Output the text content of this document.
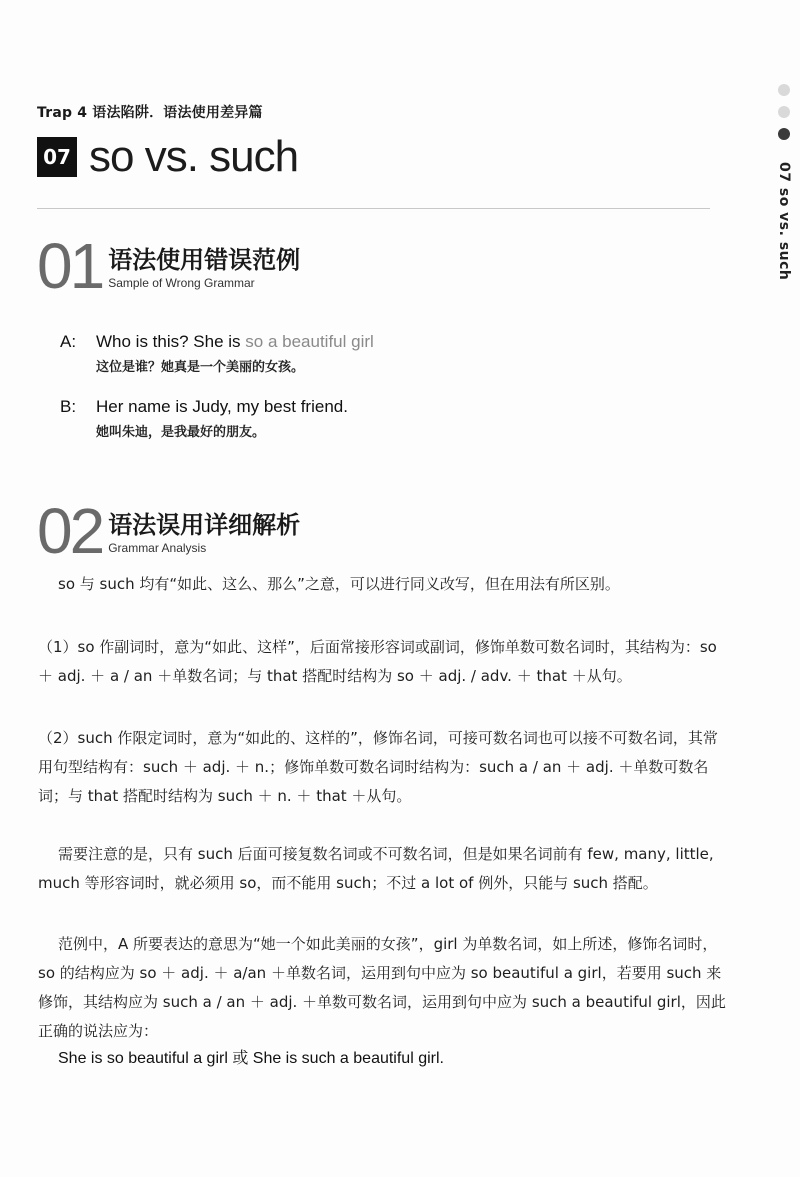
Trap 4 语法陷阱．语法使用差异篇
07 so vs. such
07 so vs. such
01 语法使用错误范例
Sample of Wrong Grammar
A:	Who is this? She is so a beautiful girl
这位是谁？她真是一个美丽的女孩。
B:	Her name is Judy, my best friend.
她叫朱迪，是我最好的朋友。
02 语法误用详细解析
Grammar Analysis
so 与 such 均有“如此、这么、那么”之意，可以进行同义改写，但在用法有所区别。
（1）so 作副词时，意为“如此、这样”，后面常接形容词或副词，修饰单数可数名词时，其结构为：so ＋ adj. ＋ a / an ＋单数名词；与 that 搭配时结构为 so ＋ adj. / adv. ＋ that ＋从句。
（2）such 作限定词时，意为“如此的、这样的”，修饰名词，可接可数名词也可以接不可数名词，其常用句型结构有：such ＋ adj. ＋ n.；修饰单数可数名词时结构为：such a / an ＋ adj. ＋单数可数名词；与 that 搭配时结构为 such ＋ n. ＋ that ＋从句。
需要注意的是，只有 such 后面可接复数名词或不可数名词，但是如果名词前有 few, many, little, much 等形容词时，就必须用 so，而不能用 such；不过 a lot of 例外，只能与 such 搭配。
范例中，A 所要表达的意思为“她一个如此美丽的女孩”，girl 为单数名词，如上所述，修饰名词时，so 的结构应为 so ＋ adj. ＋ a/an ＋单数名词，运用到句中应为 so beautiful a girl，若要用 such 来修饰，其结构应为 such a / an ＋ adj. ＋单数可数名词，运用到句中应为 such a beautiful girl，因此正确的说法应为：
She is so beautiful a girl 或 She is such a beautiful girl.
